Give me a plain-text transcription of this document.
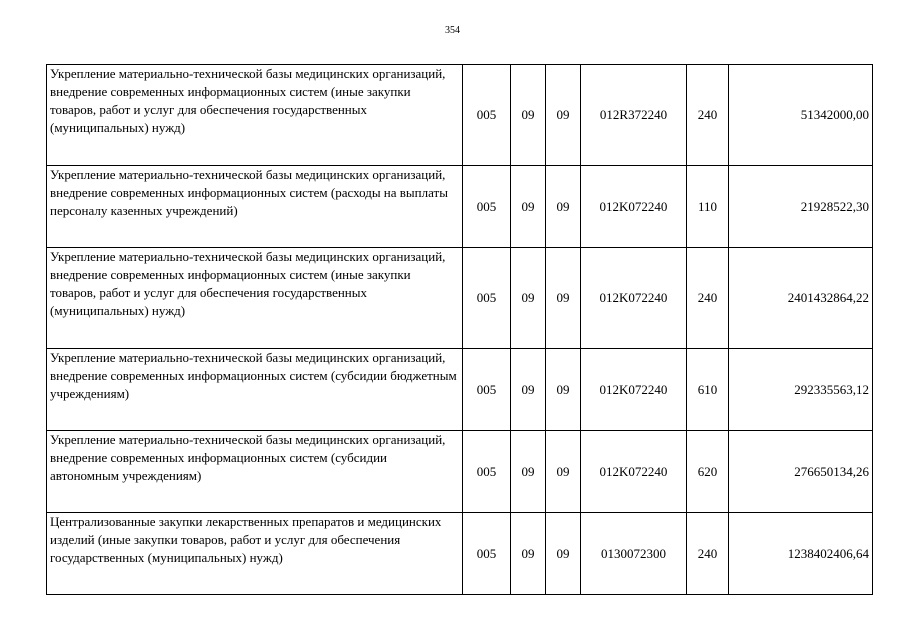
354
Укрепление материально-технической базы медицинских организаций, внедрение современных информационных систем (иные закупки товаров, работ и услуг для обеспечения государственных (муниципальных) нужд)	005	09	09	012R372240	240	51342000,00
Укрепление материально-технической базы медицинских организаций, внедрение современных информационных систем (расходы на выплаты персоналу казенных учреждений)	005	09	09	012K072240	110	21928522,30
Укрепление материально-технической базы медицинских организаций, внедрение современных информационных систем (иные закупки товаров, работ и услуг для обеспечения государственных (муниципальных) нужд)	005	09	09	012K072240	240	2401432864,22
Укрепление материально-технической базы медицинских организаций, внедрение современных информационных систем (субсидии бюджетным учреждениям)	005	09	09	012K072240	610	292335563,12
Укрепление материально-технической базы медицинских организаций, внедрение современных информационных систем (субсидии автономным учреждениям)	005	09	09	012K072240	620	276650134,26
Централизованные закупки лекарственных препаратов и медицинских изделий (иные закупки товаров, работ и услуг для обеспечения государственных (муниципальных) нужд)	005	09	09	0130072300	240	1238402406,64
